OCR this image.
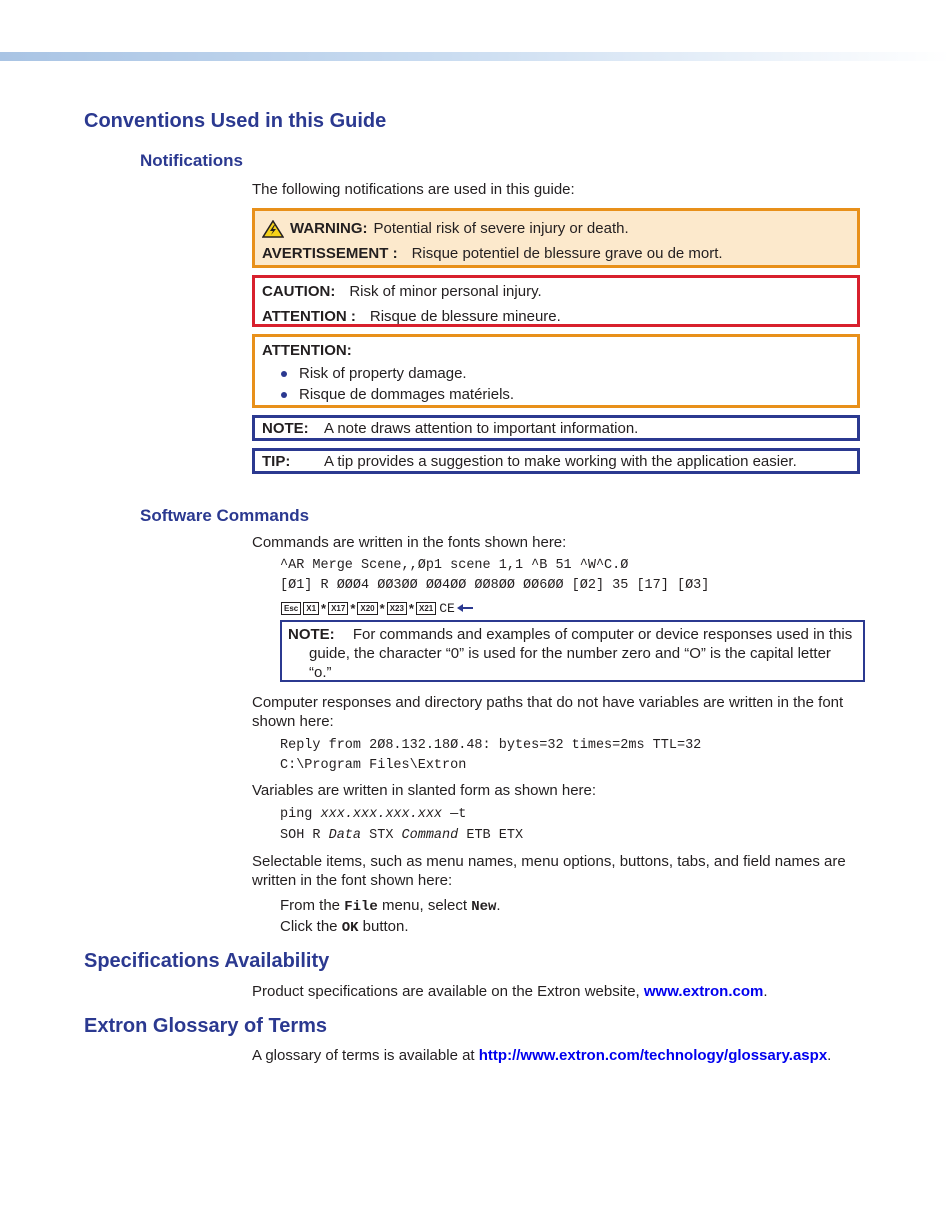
Conventions Used in this Guide
Notifications

The following notifications are used in this guide:

WARNING: Potential risk of severe injury or death.
AVERTISSEMENT : Risque potentiel de blessure grave ou de mort.
CAUTION: Risk of minor personal injury.
ATTENTION : Risque de blessure mineure.
ATTENTION:
Risk of property damage.
Risque de dommages matériels.
NOTE:	A note draws attention to important information.
TIP:	A tip provides a suggestion to make working with the application easier.
Software Commands

Commands are written in the fonts shown here:

^AR Merge Scene,,Øp1 scene 1,1 ^B 51 ^W^C.Ø
[Ø1] R ØØØ4 ØØ3ØØ ØØ4ØØ ØØ8ØØ ØØ6ØØ [Ø2] 35 [17] [Ø3]
Esc	X1 * X17 * X20 * X23 * X21 CE
NOTE: For commands and examples of computer or device responses used in this guide, the character “0” is used for the number zero and “O” is the capital letter “o.”

Computer responses and directory paths that do not have variables are written in the font shown here:

Reply from 2Ø8.132.18Ø.48: bytes=32 times=2ms TTL=32
C:\Program Files\Extron

Variables are written in slanted form as shown here:

ping xxx.xxx.xxx.xxx —t
SOH R Data STX Command ETB ETX

Selectable items, such as menu names, menu options, buttons, tabs, and field names are written in the font shown here:

From the File menu, select New.
Click the OK button.
Specifications Availability

Product specifications are available on the Extron website, www.extron.com.

Extron Glossary of Terms

A glossary of terms is available at http://www.extron.com/technology/glossary.aspx.
